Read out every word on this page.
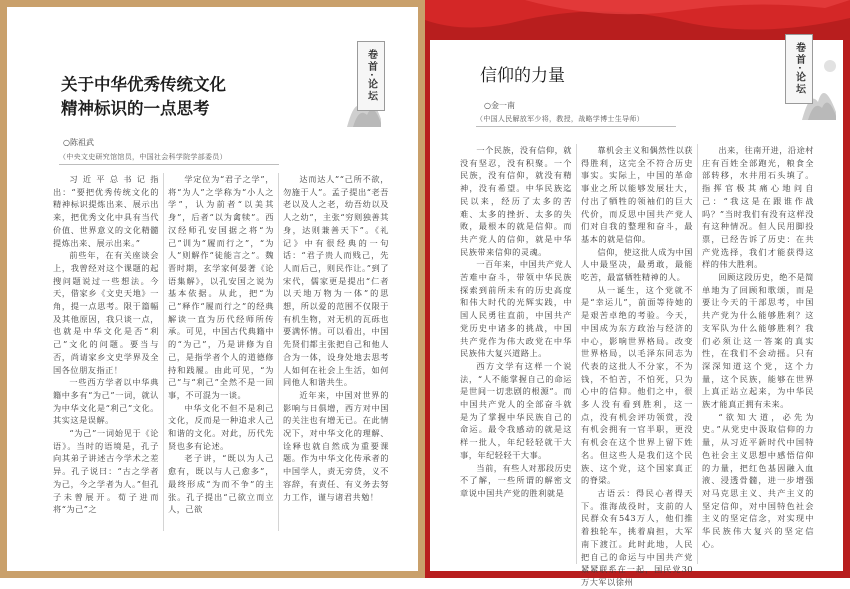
卷首·论坛
关于中华优秀传统文化
精神标识的一点思考
○陈祖武
（中央文史研究馆馆员，中国社会科学院学部委员）

习近平总书记指出：“要把优秀传统文化的精神标识提炼出来、展示出来，把优秀文化中具有当代价值、世界意义的文化精髓提炼出来、展示出来。”

前些年，在有关座谈会上，我曾经对这个课题的起搜问题说过一些想法。今天，借家乡《文史天地》一角，提一点思考。限于篇幅及其他原因，我只谈一点，也就是中华文化是否“利己”文化的问题。要当与否，尚请家乡文史学界及全国各位朋友指正！

一些西方学者以中华典籍中多有“为己”一词，就认为中华文化是“利己”文化。其实这是误解。

“为己”一词始见于《论语》。当时的语境是，孔子向其弟子讲述古今学术之差异。孔子说曰：“古之学者为己，今之学者为人。”但孔子未曾展开。荀子进而将“为己”之

学定位为“君子之学”，将“为人”之学称为“小人之学”，认为前者“以美其身”，后者“以为禽犊”。西汉经师孔安国据之将“为己”训为“履而行之”，“为人”则解作“徒能言之”。魏晋时期，玄学家何晏著《论语集解》，以孔安国之说为基本依据。从此，把“为己”释作“履而行之”的经典解读一直为历代经师所传承。可见，中国古代典籍中的“为己”，乃是讲修为自己，是指学者个人的道德修持和践履。由此可见，“为己”与“利己”全然不是一回事，不可混为一谈。

中华文化不但不是利己文化，反而是一种追求人己和谐的文化。对此，历代先贤也多有论述。

老子讲，“既以为人己愈有，既以与人己愈多”，最终形成“为而不争”的主张。孔子提出“己欲立而立人，己欲

达而达人”“己所不欲，勿施于人”。孟子提出“老吾老以及人之老，幼吾幼以及人之幼”，主张“穷则独善其身，达则兼善天下”。《礼记》中有很经典的一句话：“君子贵人而贱己，先人而后己，则民作让。”到了宋代，儒家更是提出“仁者以天地万物为一体”的思想，所以爱的范围不仅限于有机生物，对无机的瓦砾也要满怀情。可以看出，中国先贤们都主张把自己和他人合为一体，设身处地去思考人如何在社会上生活，如何同他人和谐共生。

近年来，中国对世界的影响与日俱增，西方对中国的关注也有增无已。在此情况下，对中华文化的理解、诠释也就自然成为重要课题。作为中华文化传承者的中国学人，责无旁贷，义不容辞，有责任、有义务去努力工作，谨与诸君共勉！

卷首·论坛
信仰的力量
○金一南
（中国人民解放军少将，教授，战略学博士生导师）

一个民族，没有信仰，就没有坚忍，没有积聚。一个民族，没有信仰，就没有精神，没有希望。中华民族迄民以来，经历了太多的苦难、太多的挫折、太多的失败，最根本的就是信仰。而共产党人的信仰，就是中华民族带来信仰的灵魂。

一百年来，中国共产党人苦难中奋斗，带领中华民族探索到前所未有的历史高度和伟大时代的光辉实践，中国人民勇往直前，中国共产党历史中诸多的挑战，中国共产党作为伟大政党在中华民族伟大复兴道路上。

西方文学有这样一个说法，“人不能掌握自己的命运是世间一切悲剧的根源”。而中国共产党人的全部奋斗就是为了掌握中华民族自己的命运。最令我感动的就是这样一批人，年纪轻轻就干大事，年纪轻轻干大事。

当前，有些人对那段历史不了解，一些所谓的解密文章说中国共产党的胜利就是

靠机会主义和偶然性以获得胜利，这完全不符合历史事实。实际上，中国的革命事业之所以能够发展壮大，付出了牺牲的领袖们的巨大代价，而反思中国共产党人们对自我的整理和奋斗，最基本的就是信仰。

信仰，使这批人成为中国人中最坚决，最勇敢，最能吃苦，最富牺牲精神的人。

从一诞生，这个党就不是“幸运儿”，前面等待她的是艰苦卓绝的考验。今天，中国成为东方政治与经济的中心，影响世界格局。改变世界格局，以毛泽东同志为代表的这批人不分家，不为钱，不怕苦，不怕死，只为心中的信仰。他们之中，很多人没有看到胜利，这一点，没有机会评功领赏，没有机会拥有一官半职，更没有机会在这个世界上留下姓名。但这些人是我们这个民族、这个党，这个国家真正的脊梁。

古语云：得民心者得天下。淮海战役时，支前的人民群众有543万人，他们推着独轮车，挑着扁担，大军南下渡江。此时此地，人民把自己的命运与中国共产党紧紧联系在一起，国民党30万大军以徐州

出来，往南开进，沿途村庄有百姓全部跑光，粮食全部转移，水井用石头填了。指挥官极其痛心地问自己：“我这是在跟谁作战吗？”当时我们有没有这样没有这种情况。但人民用脚投票，已经告诉了历史：在共产党选择，我们才能获得这样的伟大胜利。

回顾这段历史，绝不是简单地为了回顾和歌颂，而是要让今天的干部思考，中国共产党为什么能够胜利？这支军队为什么能够胜利？我们必须让这一答案的真实性，在我们不会动摇。只有深深知道这个党，这个力量，这个民族，能够在世界上真正站立起来，为中华民族才能真正拥有未来。

“欲知大道，必先为史。”从党史中汲取信仰的力量，从习近平新时代中国特色社会主义思想中感悟信仰的力量，把红色基因融入血液、浸透骨髓，进一步增强对马克思主义、共产主义的坚定信仰，对中国特色社会主义的坚定信念，对实现中华民族伟大复兴的坚定信心。
